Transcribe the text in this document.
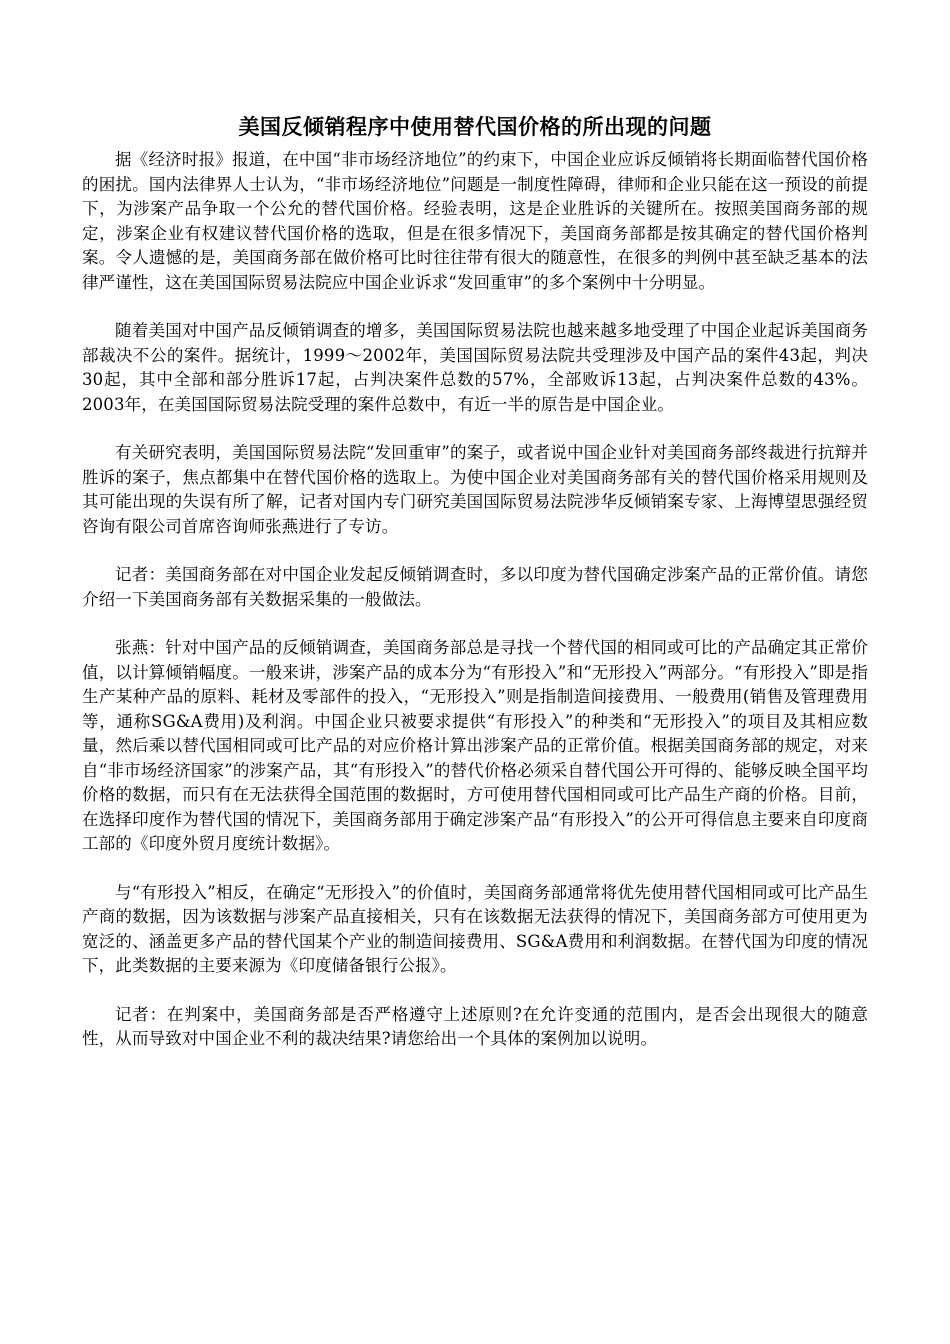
美国反倾销程序中使用替代国价格的所出现的问题

据《经济时报》报道，在中国“非市场经济地位”的约束下，中国企业应诉反倾销将长期面临替代国价格的困扰。国内法律界人士认为，“非市场经济地位”问题是一制度性障碍，律师和企业只能在这一预设的前提下，为涉案产品争取一个公允的替代国价格。经验表明，这是企业胜诉的关键所在。按照美国商务部的规定，涉案企业有权建议替代国价格的选取，但是在很多情况下，美国商务部都是按其确定的替代国价格判案。令人遗憾的是，美国商务部在做价格可比时往往带有很大的随意性，在很多的判例中甚至缺乏基本的法律严谨性，这在美国国际贸易法院应中国企业诉求“发回重审”的多个案例中十分明显。

随着美国对中国产品反倾销调查的增多，美国国际贸易法院也越来越多地受理了中国企业起诉美国商务部裁决不公的案件。据统计，1999～2002年，美国国际贸易法院共受理涉及中国产品的案件43起，判决30起，其中全部和部分胜诉17起，占判决案件总数的57%，全部败诉13起，占判决案件总数的43%。2003年，在美国国际贸易法院受理的案件总数中，有近一半的原告是中国企业。

有关研究表明，美国国际贸易法院“发回重审”的案子，或者说中国企业针对美国商务部终裁进行抗辩并胜诉的案子，焦点都集中在替代国价格的选取上。为使中国企业对美国商务部有关的替代国价格采用规则及其可能出现的失误有所了解，记者对国内专门研究美国国际贸易法院涉华反倾销案专家、上海博望思强经贸咨询有限公司首席咨询师张燕进行了专访。

记者：美国商务部在对中国企业发起反倾销调查时，多以印度为替代国确定涉案产品的正常价值。请您介绍一下美国商务部有关数据采集的一般做法。

张燕：针对中国产品的反倾销调查，美国商务部总是寻找一个替代国的相同或可比的产品确定其正常价值，以计算倾销幅度。一般来讲，涉案产品的成本分为“有形投入”和“无形投入”两部分。“有形投入”即是指生产某种产品的原料、耗材及零部件的投入，“无形投入”则是指制造间接费用、一般费用(销售及管理费用等，通称SG&A费用)及利润。中国企业只被要求提供“有形投入”的种类和“无形投入”的项目及其相应数量，然后乘以替代国相同或可比产品的对应价格计算出涉案产品的正常价值。根据美国商务部的规定，对来自“非市场经济国家”的涉案产品，其“有形投入”的替代价格必须采自替代国公开可得的、能够反映全国平均价格的数据，而只有在无法获得全国范围的数据时，方可使用替代国相同或可比产品生产商的价格。目前，在选择印度作为替代国的情况下，美国商务部用于确定涉案产品“有形投入”的公开可得信息主要来自印度商工部的《印度外贸月度统计数据》。

与“有形投入”相反，在确定“无形投入”的价值时，美国商务部通常将优先使用替代国相同或可比产品生产商的数据，因为该数据与涉案产品直接相关，只有在该数据无法获得的情况下，美国商务部方可使用更为宽泛的、涵盖更多产品的替代国某个产业的制造间接费用、SG&A费用和利润数据。在替代国为印度的情况下，此类数据的主要来源为《印度储备银行公报》。

记者：在判案中，美国商务部是否严格遵守上述原则?在允许变通的范围内，是否会出现很大的随意性，从而导致对中国企业不利的裁决结果?请您给出一个具体的案例加以说明。
